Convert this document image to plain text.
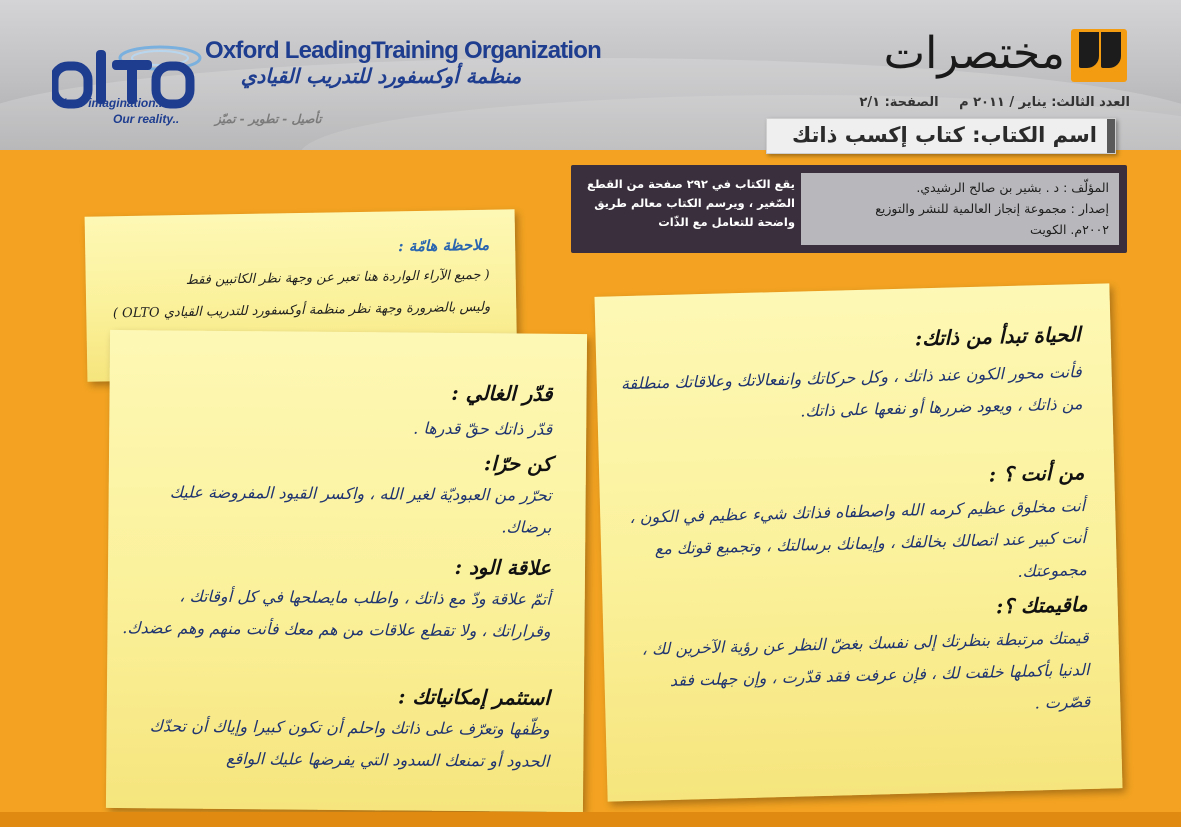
Your imagination...
Our reality..
Oxford LeadingTraining Organization
منظمة أوكسفورد للتدريب القيادي
تأصيل - تطوير - تميّز
مختصرات
العدد الثالث: يناير / ٢٠١١ م الصفحة: ٢/١
اسم الكتاب: كتاب إكسب ذاتك

المؤلّف : د . بشير بن صالح الرشيدي.

إصدار : مجموعة إنجاز العالمية للنشر والتوزيع

٢٠٠٢م. الكويت

يقع الكتاب في ٢٩٢ صفحة من القطع الصّغير ، ويرسم الكتاب معالم طريق واضحة للتعامل مع الذّات
ملاحظة هامّة :
( جميع الآراء الواردة هنا تعبر عن وجهة نظر الكاتبين فقط
وليس بالضرورة وجهة نظر منظمة أوكسفورد للتدريب القيادي OLTO )
قدّر الغالي :
قدّر ذاتك حقّ قدرها .
كن حرّا:
تحرّر من العبوديّة لغير الله ، واكسر القيود المفروضة عليك برضاك.
علاقة الود :
أتمّ علاقة ودّ مع ذاتك ، واطلب مايصلحها في كل أوقاتك ، وقراراتك ، ولا تقطع علاقات من هم معك فأنت منهم وهم عضدك.
استثمر إمكانياتك :
وظّفها وتعرّف على ذاتك واحلم أن تكون كبيرا وإياك أن تحدّك الحدود أو تمنعك السدود التي يفرضها عليك الواقع
الحياة تبدأ من ذاتك:
فأنت محور الكون عند ذاتك ، وكل حركاتك وانفعالاتك وعلاقاتك منطلقة من ذاتك ، ويعود ضررها أو نفعها على ذاتك.
من أنت ؟ :
أنت مخلوق عظيم كرمه الله واصطفاه فذاتك شيء عظيم في الكون ، أنت كبير عند اتصالك بخالقك ، وإيمانك برسالتك ، وتجميع قوتك مع مجموعتك.
ماقيمتك ؟:
قيمتك مرتبطة بنظرتك إلى نفسك بغضّ النظر عن رؤية الآخرين لك ، الدنيا بأكملها خلقت لك ، فإن عرفت فقد قدّرت ، وإن جهلت فقد قصّرت .
